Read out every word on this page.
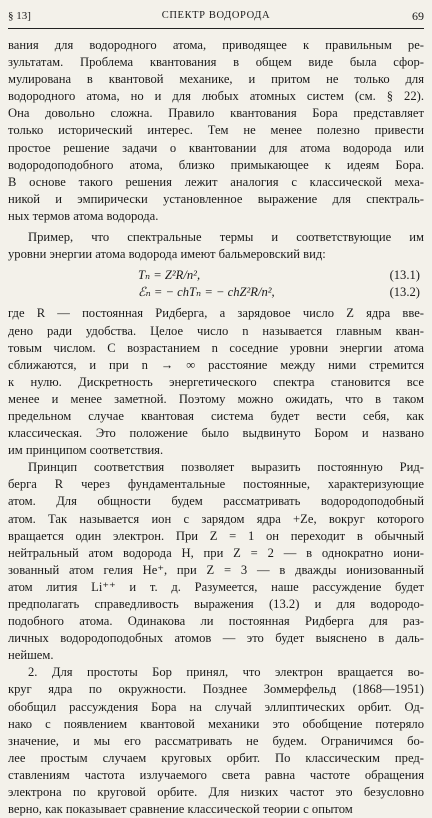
§ 13]	СПЕКТР ВОДОРОДА	69
вания для водородного атома, приводящее к правильным ре-
зультатам. Проблема квантования в общем виде была сфор-
мулирована в квантовой механике, и притом не только для
водородного атома, но и для любых атомных систем (см. § 22).
Она довольно сложна. Правило квантования Бора представляет
только исторический интерес. Тем не менее полезно привести
простое решение задачи о квантовании для атома водорода или
водородоподобного атома, близко примыкающее к идеям Бора.
В основе такого решения лежит аналогия с классической меха-
никой и эмпирически установленное выражение для спектраль-
ных термов атома водорода.
Пример, что спектральные термы и соответствующие им
уровни энергии атома водорода имеют бальмеровский вид:
Tₙ = Z²R/n²,	(13.1)
ℰₙ = − chTₙ = − chZ²R/n²,	(13.2)
где R — постоянная Ридберга, а зарядовое число Z ядра вве-
дено ради удобства. Целое число n называется главным кван-
товым числом. С возрастанием n соседние уровни энергии атома
сближаются, и при n → ∞ расстояние между ними стремится
к нулю. Дискретность энергетического спектра становится все
менее и менее заметной. Поэтому можно ожидать, что в таком
предельном случае квантовая система будет вести себя, как
классическая. Это положение было выдвинуто Бором и названо
им принципом соответствия.
Принцип соответствия позволяет выразить постоянную Рид-
берга R через фундаментальные постоянные, характеризующие
атом. Для общности будем рассматривать водородоподобный
атом. Так называется ион с зарядом ядра +Ze, вокруг которого
вращается один электрон. При Z = 1 он переходит в обычный
нейтральный атом водорода H, при Z = 2 — в однократно иони-
зованный атом гелия He⁺, при Z = 3 — в дважды ионизованный
атом лития Li⁺⁺ и т. д. Разумеется, наше рассуждение будет
предполагать справедливость выражения (13.2) и для водородо-
подобного атома. Одинакова ли постоянная Ридберга для раз-
личных водородоподобных атомов — это будет выяснено в даль-
нейшем.
2. Для простоты Бор принял, что электрон вращается во-
круг ядра по окружности. Позднее Зоммерфельд (1868—1951)
обобщил рассуждения Бора на случай эллиптических орбит. Од-
нако с появлением квантовой механики это обобщение потеряло
значение, и мы его рассматривать не будем. Ограничимся бо-
лее простым случаем круговых орбит. По классическим пред-
ставлениям частота излучаемого света равна частоте обращения
электрона по круговой орбите. Для низких частот это безусловно
верно, как показывает сравнение классической теории с опытом
